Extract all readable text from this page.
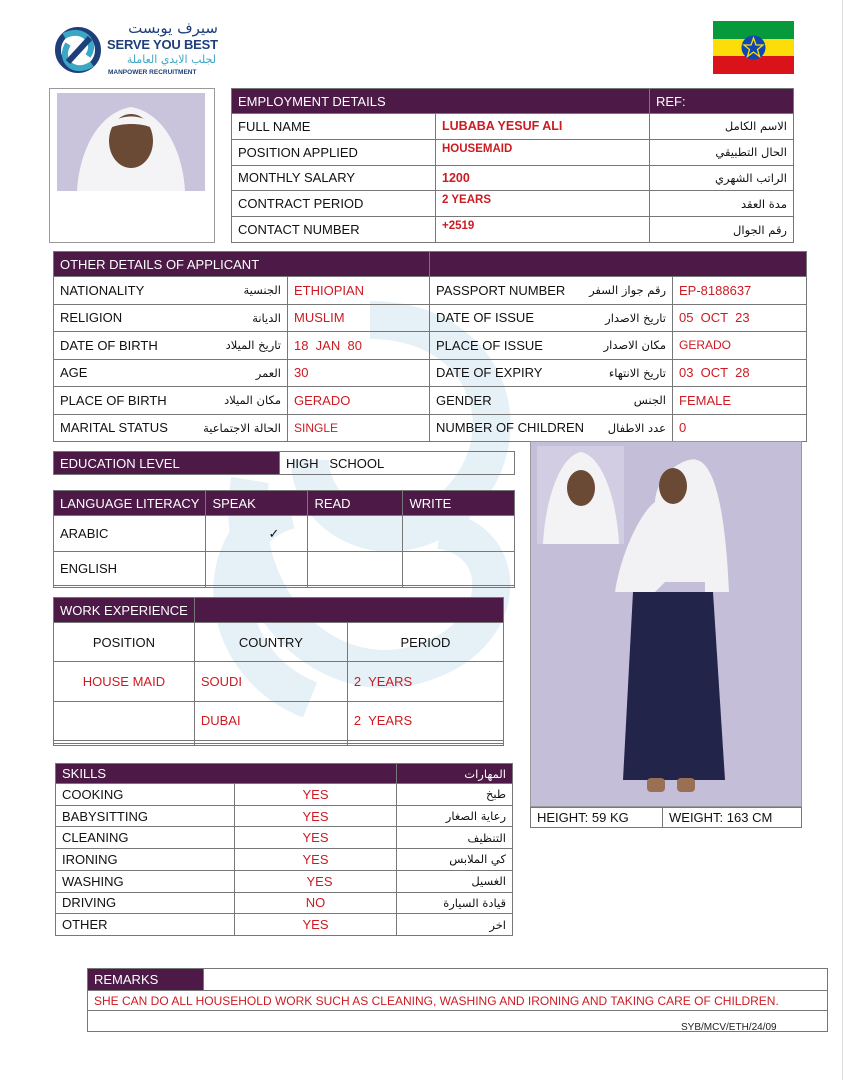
سيرف يوبست
SERVE YOU BEST
لجلب الايدي العاملة
MANPOWER RECRUITMENT
EMPLOYMENT DETAILS		REF:
FULL NAME	LUBABA YESUF ALI	الاسم الكامل
POSITION APPLIED	HOUSEMAID	الحال التطبيقي
MONTHLY SALARY	1200	الراتب الشهري
CONTRACT PERIOD	2 YEARS	مدة العقد
CONTACT NUMBER	+2519	رقم الجوال
OTHER DETAILS OF APPLICANT			

NATIONALITY الجنسية	ETHIOPIAN	PASSPORT NUMBER رقم جواز السفر	EP-8188637

RELIGION الديانة	MUSLIM	DATE OF ISSUE تاريخ الاصدار	05  OCT  23

DATE OF BIRTH تاريخ الميلاد	18  JAN  80	PLACE OF ISSUE مكان الاصدار	GERADO

AGE العمر	30	DATE OF EXPIRY تاريخ الانتهاء	03  OCT  28

PLACE OF BIRTH مكان الميلاد	GERADO	GENDER الجنس	FEMALE

MARITAL STATUS الحالة الاجتماعية	SINGLE	NUMBER OF CHILDREN عدد الاطفال	0
EDUCATION LEVEL	HIGH   SCHOOL
LANGUAGE LITERACY	SPEAK	READ	WRITE
ARABIC	✓		
ENGLISH			

WORK EXPERIENCE		
POSITION	COUNTRY	PERIOD
HOUSE MAID	SOUDI	2  YEARS
	DUBAI	2  YEARS

SKILLS		المهارات
COOKING	YES	طبخ
BABYSITTING	YES	رعاية الصغار
CLEANING	YES	التنظيف
IRONING	YES	كي الملابس
WASHING	YES	الغسيل
DRIVING	NO	قيادة السيارة
OTHER	YES	اخر
HEIGHT: 59 KG	WEIGHT: 163 CM
REMARKS	
SHE CAN DO ALL HOUSEHOLD WORK SUCH AS CLEANING, WASHING AND IRONING AND TAKING CARE OF CHILDREN.

SYB/MCV/ETH/24/09
